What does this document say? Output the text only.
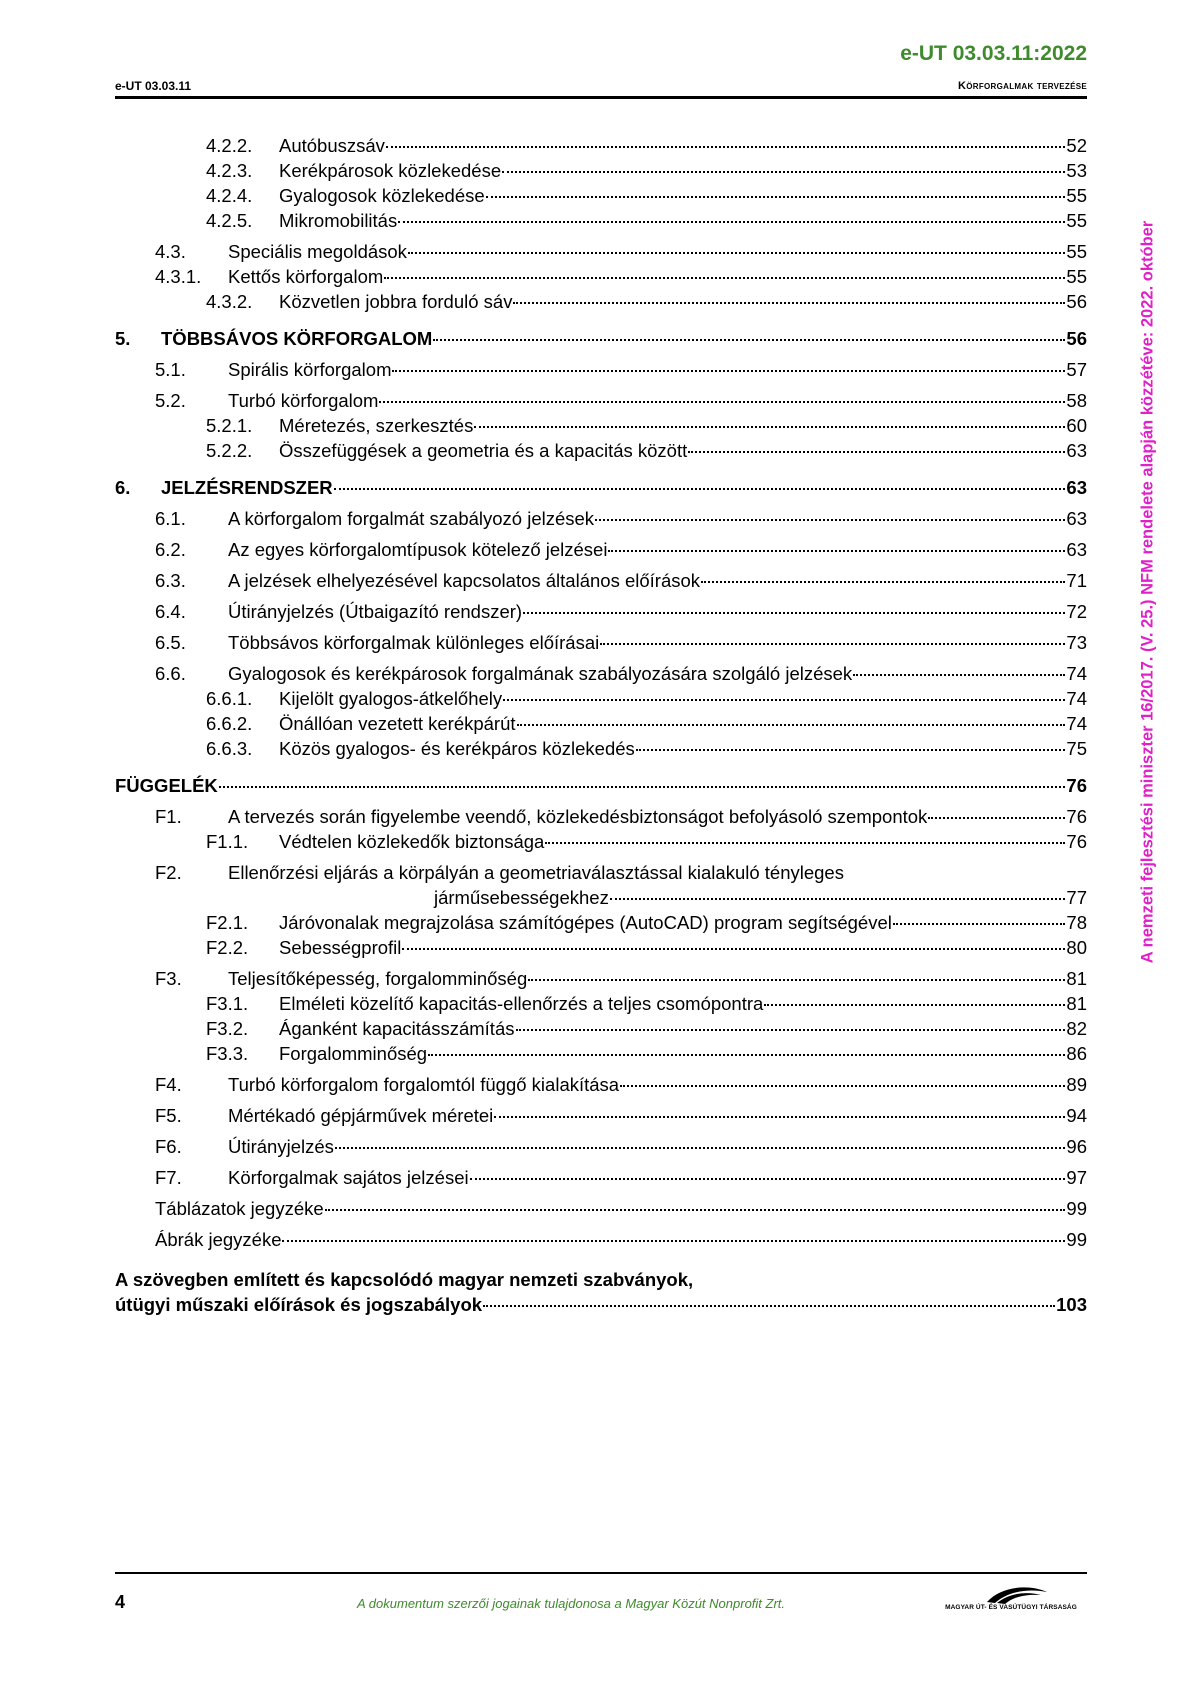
e-UT 03.03.11:2022
e-UT 03.03.11	Körforgalmak tervezése
A nemzeti fejlesztési miniszter 16/2017. (V. 25.) NFM rendelete alapján közzétéve: 2022. október
4.2.2.	Autóbuszsáv	52
4.2.3.	Kerékpárosok közlekedése	53
4.2.4.	Gyalogosok közlekedése	55
4.2.5.	Mikromobilitás	55
4.3.	Speciális megoldások	55
4.3.1.	Kettős körforgalom	55
4.3.2.	Közvetlen jobbra forduló sáv	56
5.	TÖBBSÁVOS KÖRFORGALOM	56
5.1.	Spirális körforgalom	57
5.2.	Turbó körforgalom	58
5.2.1.	Méretezés, szerkesztés	60
5.2.2.	Összefüggések a geometria és a kapacitás között	63
6.	JELZÉSRENDSZER	63
6.1.	A körforgalom forgalmát szabályozó jelzések	63
6.2.	Az egyes körforgalomtípusok kötelező jelzései	63
6.3.	A jelzések elhelyezésével kapcsolatos általános előírások	71
6.4.	Útirányjelzés (Útbaigazító rendszer)	72
6.5.	Többsávos körforgalmak különleges előírásai	73
6.6.	Gyalogosok és kerékpárosok forgalmának szabályozására szolgáló jelzések	74
6.6.1.	Kijelölt gyalogos-átkelőhely	74
6.6.2.	Önállóan vezetett kerékpárút	74
6.6.3.	Közös gyalogos- és kerékpáros közlekedés	75
FÜGGELÉK	76
F1.	A tervezés során figyelembe veendő, közlekedésbiztonságot befolyásoló szempontok	76
F1.1.	Védtelen közlekedők biztonsága	76
F2.	Ellenőrzési eljárás a körpályán a geometriaválasztással kialakuló tényleges
járműsebességekhez	77
F2.1.	Járóvonalak megrajzolása számítógépes (AutoCAD) program segítségével	78
F2.2.	Sebességprofil	80
F3.	Teljesítőképesség, forgalomminőség	81
F3.1.	Elméleti közelítő kapacitás-ellenőrzés a teljes csomópontra	81
F3.2.	Áganként kapacitásszámítás	82
F3.3.	Forgalomminőség	86
F4.	Turbó körforgalom forgalomtól függő kialakítása	89
F5.	Mértékadó gépjárművek méretei	94
F6.	Útirányjelzés	96
F7.	Körforgalmak sajátos jelzései	97
Táblázatok jegyzéke	99
Ábrák jegyzéke	99
A szövegben említett és kapcsolódó magyar nemzeti szabványok,
útügyi műszaki előírások és jogszabályok	103
4	A dokumentum szerzői jogainak tulajdonosa a Magyar Közút Nonprofit Zrt.	MAGYAR ÚT- ÉS VASÚTÜGYI TÁRSASÁG
